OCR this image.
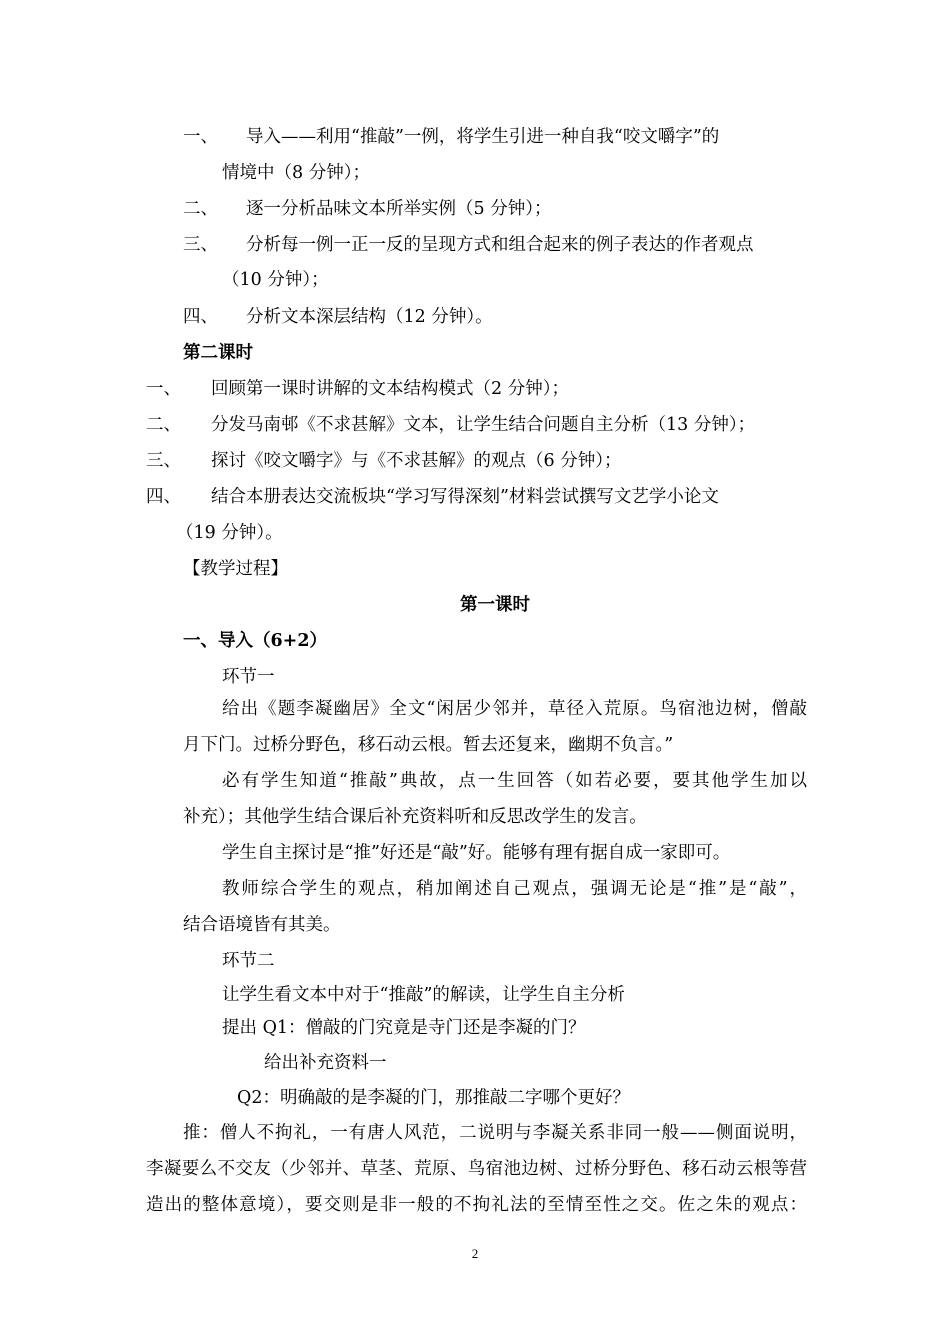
一、 导入——利用“推敲”一例，将学生引进一种自我“咬文嚼字”的
情境中（8 分钟）；
二、 逐一分析品味文本所举实例（5 分钟）；
三、 分析每一例一正一反的呈现方式和组合起来的例子表达的作者观点
（10 分钟）；
四、 分析文本深层结构（12 分钟）。
第二课时
一、 回顾第一课时讲解的文本结构模式（2 分钟）；
二、 分发马南邨《不求甚解》文本，让学生结合问题自主分析（13 分钟）；
三、 探讨《咬文嚼字》与《不求甚解》的观点（6 分钟）；
四、 结合本册表达交流板块“学习写得深刻”材料尝试撰写文艺学小论文
（19 分钟）。
【教学过程】
第一课时
一、导入（6+2）
环节一
给出《题李凝幽居》全文“闲居少邻并，草径入荒原。鸟宿池边树，僧敲
月下门。过桥分野色，移石动云根。暂去还复来，幽期不负言。”
必有学生知道“推敲”典故，点一生回答（如若必要，要其他学生加以
补充）；其他学生结合课后补充资料听和反思改学生的发言。
学生自主探讨是“推”好还是“敲”好。能够有理有据自成一家即可。
教师综合学生的观点，稍加阐述自己观点，强调无论是“推”是“敲”，
结合语境皆有其美。
环节二
让学生看文本中对于“推敲”的解读，让学生自主分析
提出 Q1：僧敲的门究竟是寺门还是李凝的门？
给出补充资料一
Q2：明确敲的是李凝的门，那推敲二字哪个更好？
推：僧人不拘礼，一有唐人风范，二说明与李凝关系非同一般——侧面说明，
李凝要么不交友（少邻并、草茎、荒原、鸟宿池边树、过桥分野色、移石动云根等营
造出的整体意境），要交则是非一般的不拘礼法的至情至性之交。佐之朱的观点：
2
